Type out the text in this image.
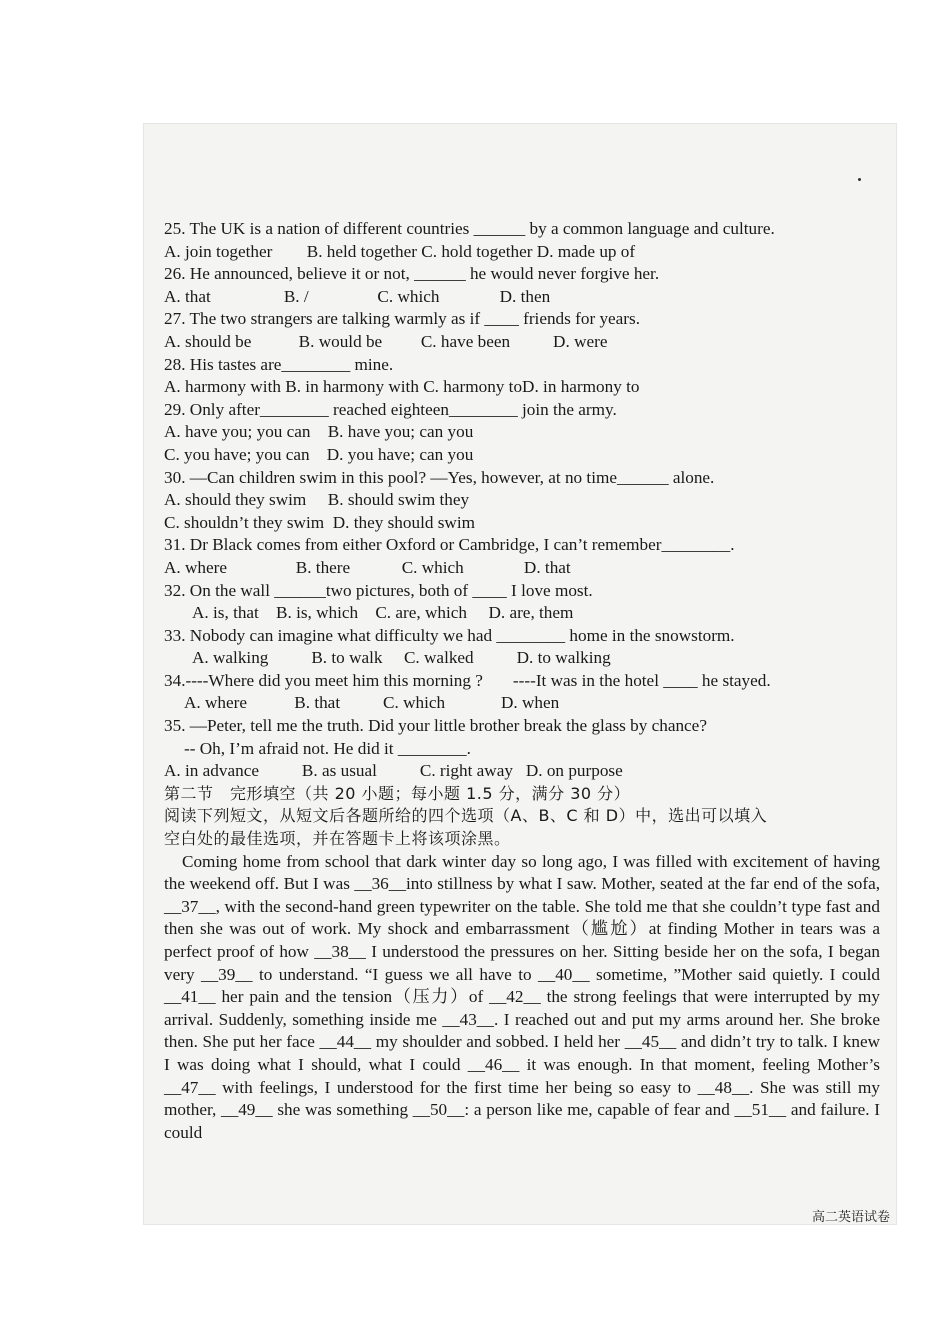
25. The UK is a nation of different countries ______ by a common language and culture.
A. join together        B. held together C. hold together D. made up of
26. He announced, believe it or not, ______ he would never forgive her.
A. that                 B. /                C. which              D. then
27. The two strangers are talking warmly as if ____ friends for years.
A. should be           B. would be         C. have been          D. were
28. His tastes are________ mine.
A. harmony with B. in harmony with C. harmony toD. in harmony to
29. Only after________ reached eighteen________ join the army.
A. have you; you can    B. have you; can you
C. you have; you can    D. you have; can you
30. —Can children swim in this pool? —Yes, however, at no time______ alone.
A. should they swim     B. should swim they
C. shouldn’t they swim  D. they should swim
31. Dr Black comes from either Oxford or Cambridge, I can’t remember________.
A. where                B. there            C. which              D. that
32. On the wall ______two pictures, both of ____ I love most.
A. is, that    B. is, which    C. are, which     D. are, them
33. Nobody can imagine what difficulty we had ________ home in the snowstorm.
A. walking          B. to walk     C. walked          D. to walking
34.----Where did you meet him this morning ?       ----It was in the hotel ____ he stayed.
A. where           B. that          C. which             D. when
35. —Peter, tell me the truth. Did your little brother break the glass by chance?
-- Oh, I’m afraid not. He did it ________.
A. in advance          B. as usual          C. right away   D. on purpose
第二节　完形填空（共 20 小题；每小题 1.5 分，满分 30 分）
阅读下列短文，从短文后各题所给的四个选项（A、B、C 和 D）中，选出可以填入
空白处的最佳选项，并在答题卡上将该项涂黑。

Coming home from school that dark winter day so long ago, I was filled with excitement of having the weekend off. But I was __36__into stillness by what I saw. Mother, seated at the far end of the sofa, __37__, with the second-hand green typewriter on the table. She told me that she couldn’t type fast and then she was out of work. My shock and embarrassment（尴尬）at finding Mother in tears was a perfect proof of how __38__ I understood the pressures on her. Sitting beside her on the sofa, I began very __39__ to understand. “I guess we all have to __40__ sometime, ”Mother said quietly. I could __41__ her pain and the tension（压力）of __42__ the strong feelings that were interrupted by my arrival. Suddenly, something inside me __43__. I reached out and put my arms around her. She broke then. She put her face __44__ my shoulder and sobbed. I held her __45__ and didn’t try to talk. I knew I was doing what I should, what I could __46__ it was enough. In that moment, feeling Mother’s __47__ with feelings, I understood for the first time her being so easy to __48__. She was still my mother, __49__ she was something __50__: a person like me, capable of fear and __51__ and failure. I could

高二英语试卷
